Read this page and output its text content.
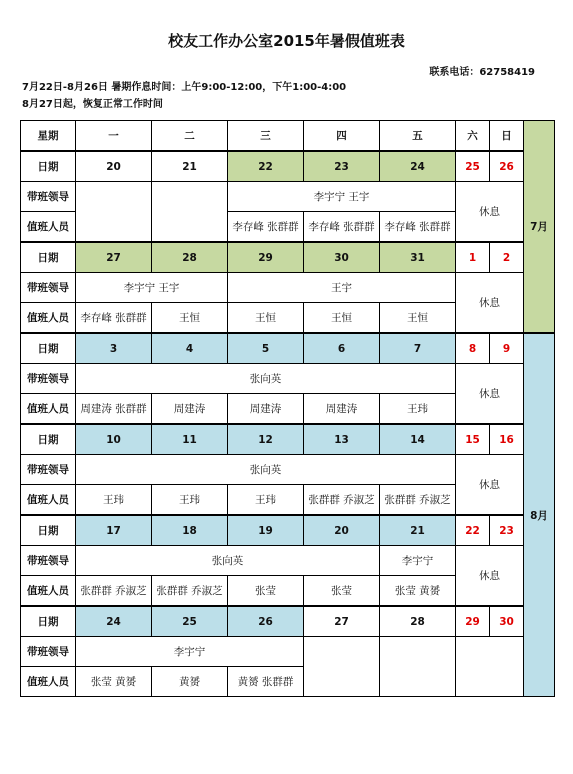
校友工作办公室2015年暑假值班表
联系电话：62758419
7月22日-8月26日 暑期作息时间：上午9:00-12:00，下午1:00-4:00
8月27日起，恢复正常工作时间
星期	一	二	三	四	五	六	日	7月
日期	20	21	22	23	24	25	26	
带班领导			李宇宁 王宇			休息		
值班人员			李存峰 张群群	李存峰 张群群	李存峰 张群群			
日期	27	28	29	30	31	1	2	
带班领导	李宇宁 王宇		王宇			休息		
值班人员	李存峰 张群群	王恒	王恒	王恒	王恒			
日期	3	4	5	6	7	8	9	8月
带班领导	张向英					休息		
值班人员	周建涛 张群群	周建涛	周建涛	周建涛	王玮			
日期	10	11	12	13	14	15	16	
带班领导	张向英					休息		
值班人员	王玮	王玮	王玮	张群群 乔淑芝	张群群 乔淑芝			
日期	17	18	19	20	21	22	23	
带班领导	张向英				李宇宁	休息		
值班人员	张群群 乔淑芝	张群群 乔淑芝	张莹	张莹	张莹 黄赟			
日期	24	25	26	27	28	29	30	
带班领导	李宇宁							
值班人员	张莹 黄赟	黄赟	黄赟 张群群					
